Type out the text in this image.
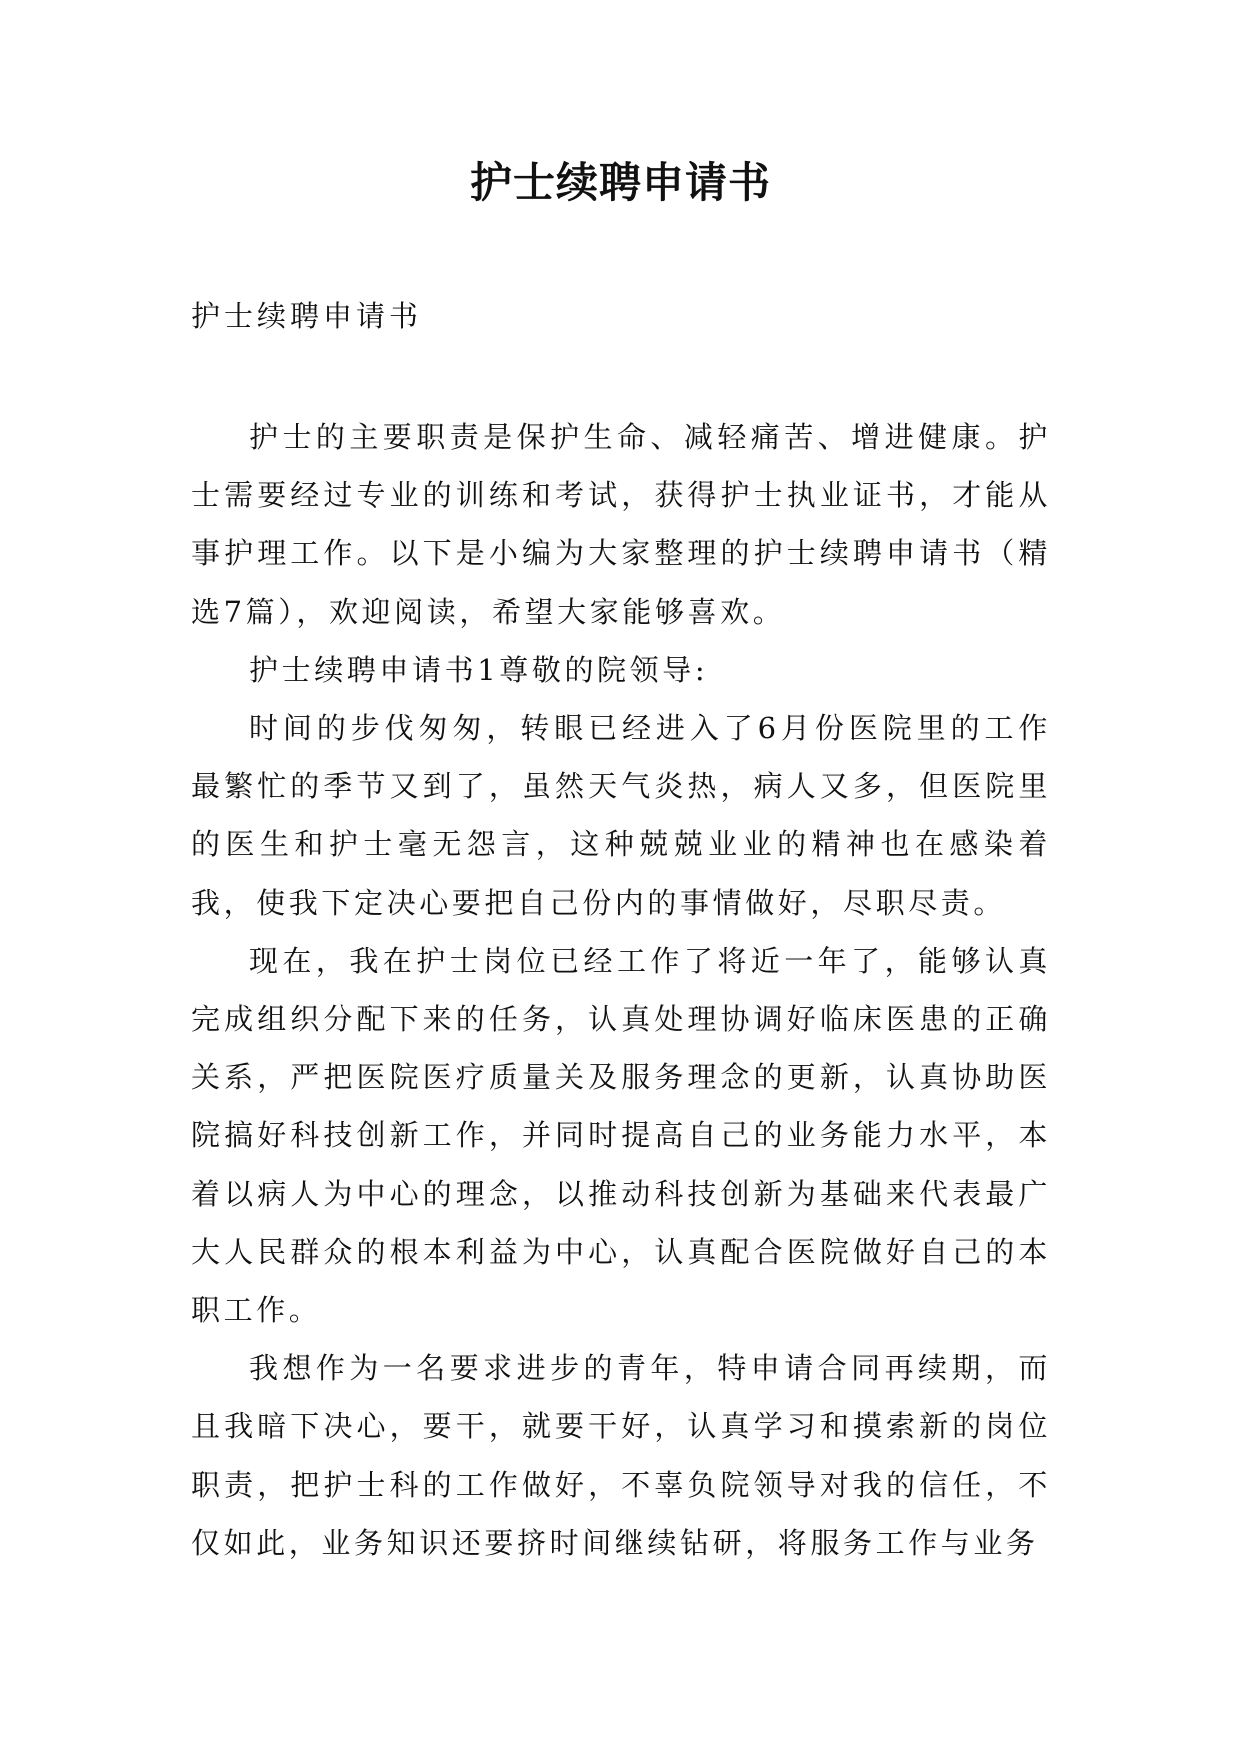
护士续聘申请书
护士续聘申请书

护士的主要职责是保护生命、减轻痛苦、增进健康。护士需要经过专业的训练和考试，获得护士执业证书，才能从事护理工作。以下是小编为大家整理的护士续聘申请书（精选7篇），欢迎阅读，希望大家能够喜欢。

护士续聘申请书1尊敬的院领导:

时间的步伐匆匆，转眼已经进入了6月份医院里的工作最繁忙的季节又到了，虽然天气炎热，病人又多，但医院里的医生和护士毫无怨言，这种兢兢业业的精神也在感染着我，使我下定决心要把自己份内的事情做好，尽职尽责。

现在，我在护士岗位已经工作了将近一年了，能够认真完成组织分配下来的任务，认真处理协调好临床医患的正确关系，严把医院医疗质量关及服务理念的更新，认真协助医院搞好科技创新工作，并同时提高自己的业务能力水平，本着以病人为中心的理念，以推动科技创新为基础来代表最广大人民群众的根本利益为中心，认真配合医院做好自己的本职工作。

我想作为一名要求进步的青年，特申请合同再续期，而且我暗下决心，要干，就要干好，认真学习和摸索新的岗位职责，把护士科的工作做好，不辜负院领导对我的信任，不仅如此，业务知识还要挤时间继续钻研，将服务工作与业务
